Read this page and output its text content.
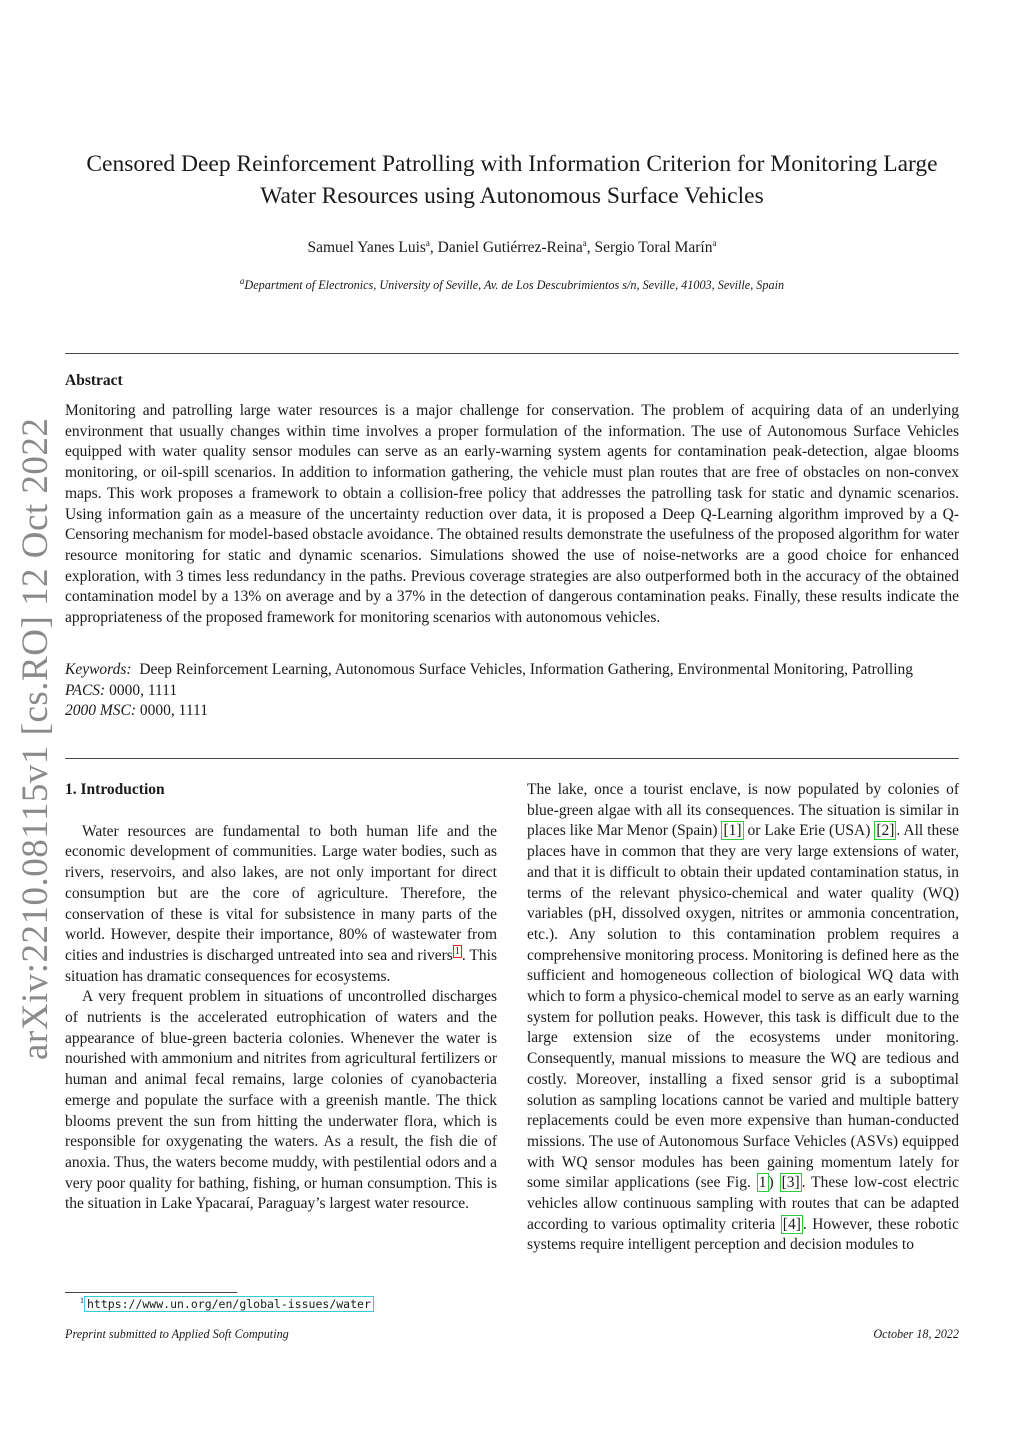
arXiv:2210.08115v1 [cs.RO] 12 Oct 2022
Censored Deep Reinforcement Patrolling with Information Criterion for Monitoring Large
Water Resources using Autonomous Surface Vehicles
Samuel Yanes Luis$^a$, Daniel Gutiérrez-Reina$^a$, Sergio Toral Marín$^a$
$^a$Department of Electronics, University of Seville, Av. de Los Descubrimientos s/n, Seville, 41003, Seville, Spain
Abstract
Monitoring and patrolling large water resources is a major challenge for conservation. The problem of acquiring data of an underlying environment that usually changes within time involves a proper formulation of the information. The use of Autonomous Surface Vehicles equipped with water quality sensor modules can serve as an early-warning system agents for contamination peak-detection, algae blooms monitoring, or oil-spill scenarios. In addition to information gathering, the vehicle must plan routes that are free of obstacles on non-convex maps. This work proposes a framework to obtain a collision-free policy that addresses the patrolling task for static and dynamic scenarios. Using information gain as a measure of the uncertainty reduction over data, it is proposed a Deep Q-Learning algorithm improved by a Q-Censoring mechanism for model-based obstacle avoidance. The obtained results demonstrate the usefulness of the proposed algorithm for water resource monitoring for static and dynamic scenarios. Simulations showed the use of noise-networks are a good choice for enhanced exploration, with 3 times less redundancy in the paths. Previous coverage strategies are also outperformed both in the accuracy of the obtained contamination model by a 13% on average and by a 37% in the detection of dangerous contamination peaks. Finally, these results indicate the appropriateness of the proposed framework for monitoring scenarios with autonomous vehicles.
Keywords: Deep Reinforcement Learning, Autonomous Surface Vehicles, Information Gathering, Environmental Monitoring, Patrolling
PACS: 0000, 1111
2000 MSC: 0000, 1111
1. Introduction

Water resources are fundamental to both human life and the economic development of communities. Large water bodies, such as rivers, reservoirs, and also lakes, are not only important for direct consumption but are the core of agriculture. Therefore, the conservation of these is vital for subsistence in many parts of the world. However, despite their importance, 80% of wastewater from cities and industries is discharged untreated into sea and rivers $^1$ . This situation has dramatic consequences for ecosystems.

A very frequent problem in situations of uncontrolled discharges of nutrients is the accelerated eutrophication of waters and the appearance of blue-green bacteria colonies. Whenever the water is nourished with ammonium and nitrites from agricultural fertilizers or human and animal fecal remains, large colonies of cyanobacteria emerge and populate the surface with a greenish mantle. The thick blooms prevent the sun from hitting the underwater flora, which is responsible for oxygenating the waters. As a result, the fish die of anoxia. Thus, the waters become muddy, with pestilential odors and a very poor quality for bathing, fishing, or human consumption. This is the situation in Lake Ypacaraí, Paraguay’s largest water resource.

The lake, once a tourist enclave, is now populated by colonies of blue-green algae with all its consequences. The situation is similar in places like Mar Menor (Spain) [1] or Lake Erie (USA) [2] . All these places have in common that they are very large extensions of water, and that it is difficult to obtain their updated contamination status, in terms of the relevant physico-chemical and water quality (WQ) variables (pH, dissolved oxygen, nitrites or ammonia concentration, etc.). Any solution to this contamination problem requires a comprehensive monitoring process. Monitoring is defined here as the sufficient and homogeneous collection of biological WQ data with which to form a physico-chemical model to serve as an early warning system for pollution peaks. However, this task is difficult due to the large extension size of the ecosystems under monitoring. Consequently, manual missions to measure the WQ are tedious and costly. Moreover, installing a fixed sensor grid is a suboptimal solution as sampling locations cannot be varied and multiple battery replacements could be even more expensive than human-conducted missions. The use of Autonomous Surface Vehicles (ASVs) equipped with WQ sensor modules has been gaining momentum lately for some similar applications (see Fig. 1 ) [3] . These low-cost electric vehicles allow continuous sampling with routes that can be adapted according to various optimality criteria [4] . However, these robotic systems require intelligent perception and decision modules to

$^1$ https://www.un.org/en/global-issues/water
Preprint submitted to Applied Soft Computing	October 18, 2022
